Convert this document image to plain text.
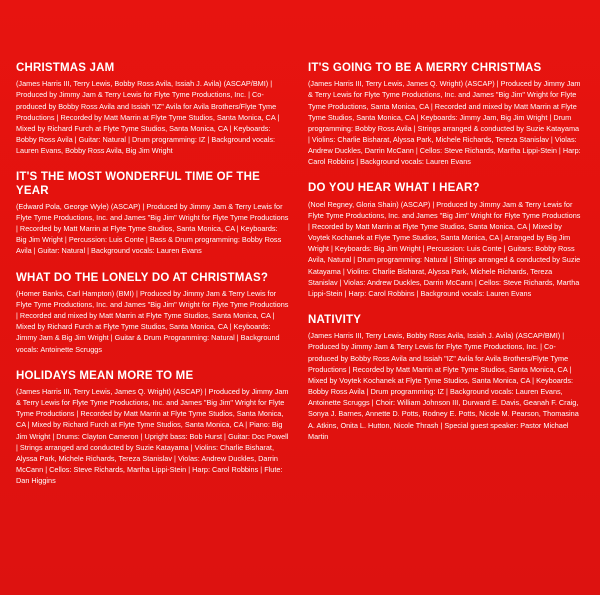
CHRISTMAS JAM

(James Harris III, Terry Lewis, Bobby Ross Avila, Issiah J. Avila) (ASCAP/BMI) | Produced by Jimmy Jam & Terry Lewis for Flyte Tyme Productions, Inc. | Co-produced by Bobby Ross Avila and Issiah "IZ" Avila for Avila Brothers/Flyte Tyme Productions | Recorded by Matt Marrin at Flyte Tyme Studios, Santa Monica, CA | Mixed by Richard Furch at Flyte Tyme Studios, Santa Monica, CA | Keyboards: Bobby Ross Avila | Guitar: Natural | Drum programming: IZ | Background vocals: Lauren Evans, Bobby Ross Avila, Big Jim Wright

IT'S THE MOST WONDERFUL TIME OF THE YEAR

(Edward Pola, George Wyle) (ASCAP) | Produced by Jimmy Jam & Terry Lewis for Flyte Tyme Productions, Inc. and James "Big Jim" Wright for Flyte Tyme Productions | Recorded by Matt Marrin at Flyte Tyme Studios, Santa Monica, CA | Keyboards: Big Jim Wright | Percussion: Luis Conte | Bass & Drum programming: Bobby Ross Avila | Guitar: Natural | Background vocals: Lauren Evans

WHAT DO THE LONELY DO AT CHRISTMAS?

(Homer Banks, Carl Hampton) (BMI) | Produced by Jimmy Jam & Terry Lewis for Flyte Tyme Productions, Inc. and James "Big Jim" Wright for Flyte Tyme Productions | Recorded and mixed by Matt Marrin at Flyte Tyme Studios, Santa Monica, CA | Mixed by Richard Furch at Flyte Tyme Studios, Santa Monica, CA | Keyboards: Jimmy Jam & Big Jim Wright | Guitar & Drum Programming: Natural | Background vocals: Antoinette Scruggs

HOLIDAYS MEAN MORE TO ME

(James Harris III, Terry Lewis, James Q. Wright) (ASCAP) | Produced by Jimmy Jam & Terry Lewis for Flyte Tyme Productions, Inc. and James "Big Jim" Wright for Flyte Tyme Productions | Recorded by Matt Marrin at Flyte Tyme Studios, Santa Monica, CA | Mixed by Richard Furch at Flyte Tyme Studios, Santa Monica, CA | Piano: Big Jim Wright | Drums: Clayton Cameron | Upright bass: Bob Hurst | Guitar: Doc Powell | Strings arranged and conducted by Suzie Katayama | Violins: Charlie Bisharat, Alyssa Park, Michele Richards, Tereza Stanislav | Violas: Andrew Duckles, Darrin McCann | Cellos: Steve Richards, Martha Lippi-Stein | Harp: Carol Robbins | Flute: Dan Higgins

IT'S GOING TO BE A MERRY CHRISTMAS

(James Harris III, Terry Lewis, James Q. Wright) (ASCAP) | Produced by Jimmy Jam & Terry Lewis for Flyte Tyme Productions, Inc. and James "Big Jim" Wright for Flyte Tyme Productions, Santa Monica, CA | Recorded and mixed by Matt Marrin at Flyte Tyme Studios, Santa Monica, CA | Keyboards: Jimmy Jam, Big Jim Wright | Drum programming: Bobby Ross Avila | Strings arranged & conducted by Suzie Katayama | Violins: Charlie Bisharat, Alyssa Park, Michele Richards, Tereza Stanislav | Violas: Andrew Duckles, Darrin McCann | Cellos: Steve Richards, Martha Lippi-Stein | Harp: Carol Robbins | Background vocals: Lauren Evans

DO YOU HEAR WHAT I HEAR?

(Noel Regney, Gloria Shain) (ASCAP) | Produced by Jimmy Jam & Terry Lewis for Flyte Tyme Productions, Inc. and James "Big Jim" Wright for Flyte Tyme Productions | Recorded by Matt Marrin at Flyte Tyme Studios, Santa Monica, CA | Mixed by Voytek Kochanek at Flyte Tyme Studios, Santa Monica, CA | Arranged by Big Jim Wright | Keyboards: Big Jim Wright | Percussion: Luis Conte | Guitars: Bobby Ross Avila, Natural | Drum programming: Natural | Strings arranged & conducted by Suzie Katayama | Violins: Charlie Bisharat, Alyssa Park, Michele Richards, Tereza Stanislav | Violas: Andrew Duckles, Darrin McCann | Cellos: Steve Richards, Martha Lippi-Stein | Harp: Carol Robbins | Background vocals: Lauren Evans

NATIVITY

(James Harris III, Terry Lewis, Bobby Ross Avila, Issiah J. Avila) (ASCAP/BMI) | Produced by Jimmy Jam & Terry Lewis for Flyte Tyme Productions, Inc. | Co-produced by Bobby Ross Avila and Issiah "IZ" Avila for Avila Brothers/Flyte Tyme Productions | Recorded by Matt Marrin at Flyte Tyme Studios, Santa Monica, CA | Mixed by Voytek Kochanek at Flyte Tyme Studios, Santa Monica, CA | Keyboards: Bobby Ross Avila | Drum programming: IZ | Background vocals: Lauren Evans, Antoinette Scruggs | Choir: William Johnson III, Durward E. Davis, Geanah F. Craig, Sonya J. Barnes, Annette D. Potts, Rodney E. Potts, Nicole M. Pearson, Thomasina A. Atkins, Onita L. Hutton, Nicole Thrash | Special guest speaker: Pastor Michael Martin
